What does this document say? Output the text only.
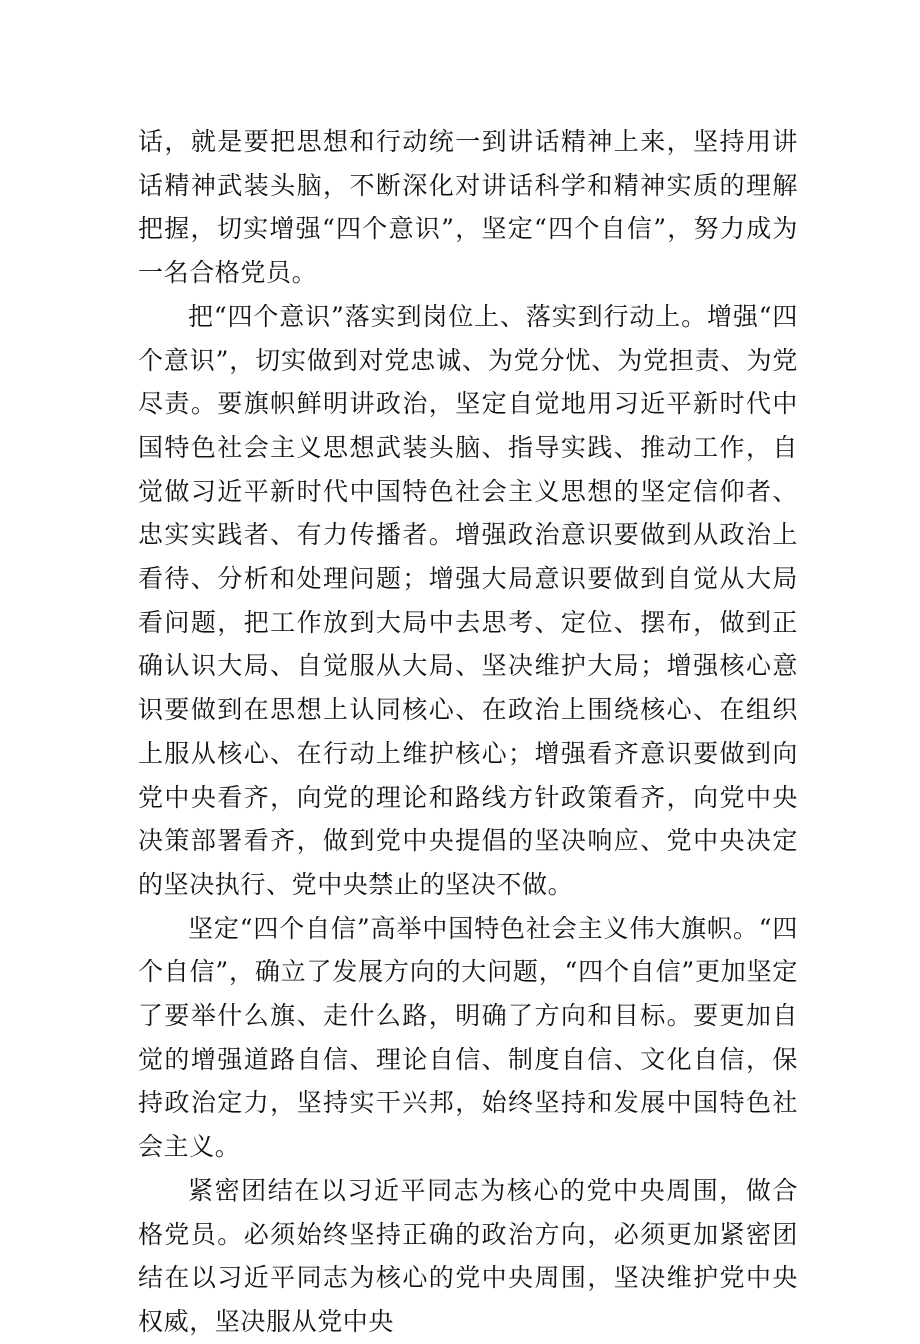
话，就是要把思想和行动统一到讲话精神上来，坚持用讲话精神武装头脑，不断深化对讲话科学和精神实质的理解把握，切实增强“四个意识”，坚定“四个自信”，努力成为一名合格党员。

把“四个意识”落实到岗位上、落实到行动上。增强“四个意识”，切实做到对党忠诚、为党分忧、为党担责、为党尽责。要旗帜鲜明讲政治，坚定自觉地用习近平新时代中国特色社会主义思想武装头脑、指导实践、推动工作，自觉做习近平新时代中国特色社会主义思想的坚定信仰者、忠实实践者、有力传播者。增强政治意识要做到从政治上看待、分析和处理问题；增强大局意识要做到自觉从大局看问题，把工作放到大局中去思考、定位、摆布，做到正确认识大局、自觉服从大局、坚决维护大局；增强核心意识要做到在思想上认同核心、在政治上围绕核心、在组织上服从核心、在行动上维护核心；增强看齐意识要做到向党中央看齐，向党的理论和路线方针政策看齐，向党中央决策部署看齐，做到党中央提倡的坚决响应、党中央决定的坚决执行、党中央禁止的坚决不做。

坚定“四个自信”高举中国特色社会主义伟大旗帜。“四个自信”，确立了发展方向的大问题，“四个自信”更加坚定了要举什么旗、走什么路，明确了方向和目标。要更加自觉的增强道路自信、理论自信、制度自信、文化自信，保持政治定力，坚持实干兴邦，始终坚持和发展中国特色社会主义。

紧密团结在以习近平同志为核心的党中央周围，做合格党员。必须始终坚持正确的政治方向，必须更加紧密团结在以习近平同志为核心的党中央周围，坚决维护党中央权威，坚决服从党中央
